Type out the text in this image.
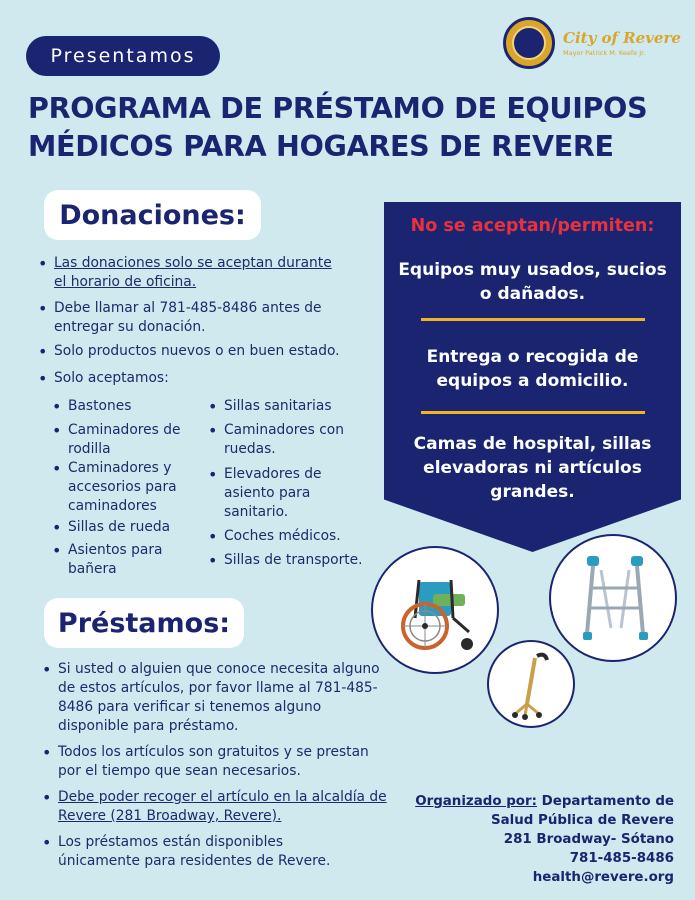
Presentamos
City of Revere
Mayor Patrick M. Keefe Jr.
PROGRAMA DE PRÉSTAMO DE EQUIPOS
MÉDICOS PARA HOGARES DE REVERE
Donaciones:
• Las donaciones solo se aceptan durante el horario de oficina.
• Debe llamar al 781-485-8486 antes de entregar su donación.
• Solo productos nuevos o en buen estado.
• Solo aceptamos:
• Bastones
• Caminadores de rodilla
• Caminadores y accesorios para caminadores
• Sillas de rueda
• Asientos para bañera
• Sillas sanitarias
• Caminadores con ruedas.
• Elevadores de asiento para sanitario.
• Coches médicos.
• Sillas de transporte.
No se aceptan/permiten:
Equipos muy usados, sucios o dañados.
Entrega o recogida de equipos a domicilio.
Camas de hospital, sillas elevadoras ni artículos grandes.
Préstamos:
• Si usted o alguien que conoce necesita alguno de estos artículos, por favor llame al 781-485-8486 para verificar si tenemos alguno disponible para préstamo.
• Todos los artículos son gratuitos y se prestan por el tiempo que sean necesarios.
• Debe poder recoger el artículo en la alcaldía de Revere (281 Broadway, Revere).
• Los préstamos están disponibles únicamente para residentes de Revere.
Organizado por: Departamento de
Salud Pública de Revere
281 Broadway- Sótano
781-485-8486
health@revere.org
